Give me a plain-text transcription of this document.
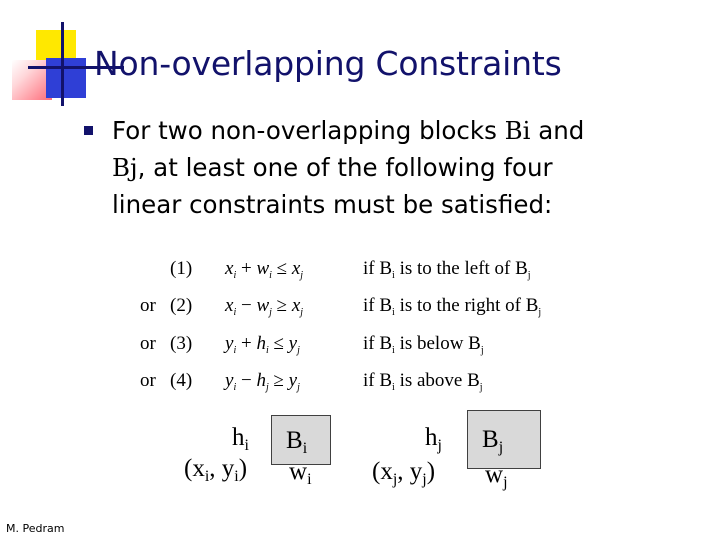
Non-overlapping Constraints
For two non-overlapping blocks Bi and
Bj, at least one of the following four
linear constraints must be satisfied:
(1) $x_i + w_i \le x_j$	if $B_i$ is to the left of $B_j$
or (2) $x_i - w_j \ge x_j$	if $B_i$ is to the right of $B_j$
or (3) $y_i + h_i \le y_j$	if $B_i$ is below $B_j$
or (4) $y_i - h_j \ge y_j$	if $B_i$ is above $B_j$
$h_i$ $B_i$
($x_i$, $y_i$) $w_i$
$h_j$ $B_j$
($x_j$, $y_j$) $w_j$
M. Pedram
